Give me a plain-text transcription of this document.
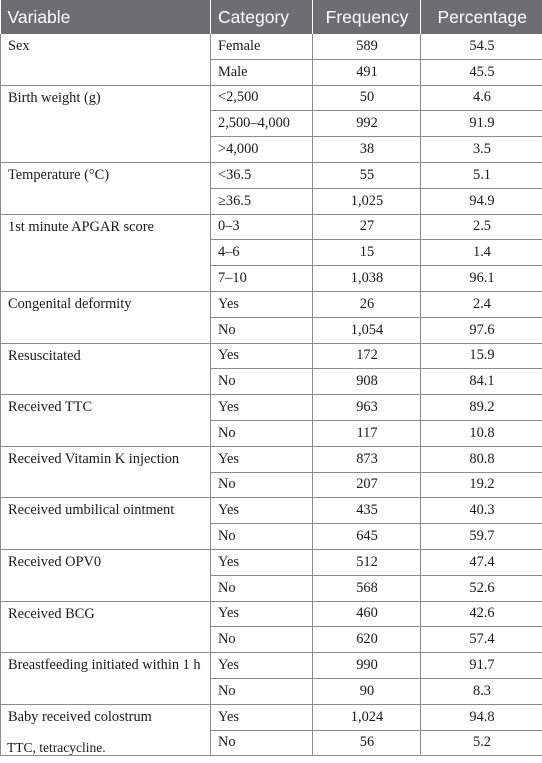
Variable	Category	Frequency	Percentage
Sex	Female	589	54.5
	Male	491	45.5
Birth weight (g)	<2,500	50	4.6
	2,500–4,000	992	91.9
	>4,000	38	3.5
Temperature (°C)	<36.5	55	5.1
	≥36.5	1,025	94.9
1st minute APGAR score	0–3	27	2.5
	4–6	15	1.4
	7–10	1,038	96.1
Congenital deformity	Yes	26	2.4
	No	1,054	97.6
Resuscitated	Yes	172	15.9
	No	908	84.1
Received TTC	Yes	963	89.2
	No	117	10.8
Received Vitamin K injection	Yes	873	80.8
	No	207	19.2
Received umbilical ointment	Yes	435	40.3
	No	645	59.7
Received OPV0	Yes	512	47.4
	No	568	52.6
Received BCG	Yes	460	42.6
	No	620	57.4
Breastfeeding initiated within 1 h	Yes	990	91.7
	No	90	8.3
Baby received colostrum	Yes	1,024	94.8
	No	56	5.2
TTC, tetracycline.
